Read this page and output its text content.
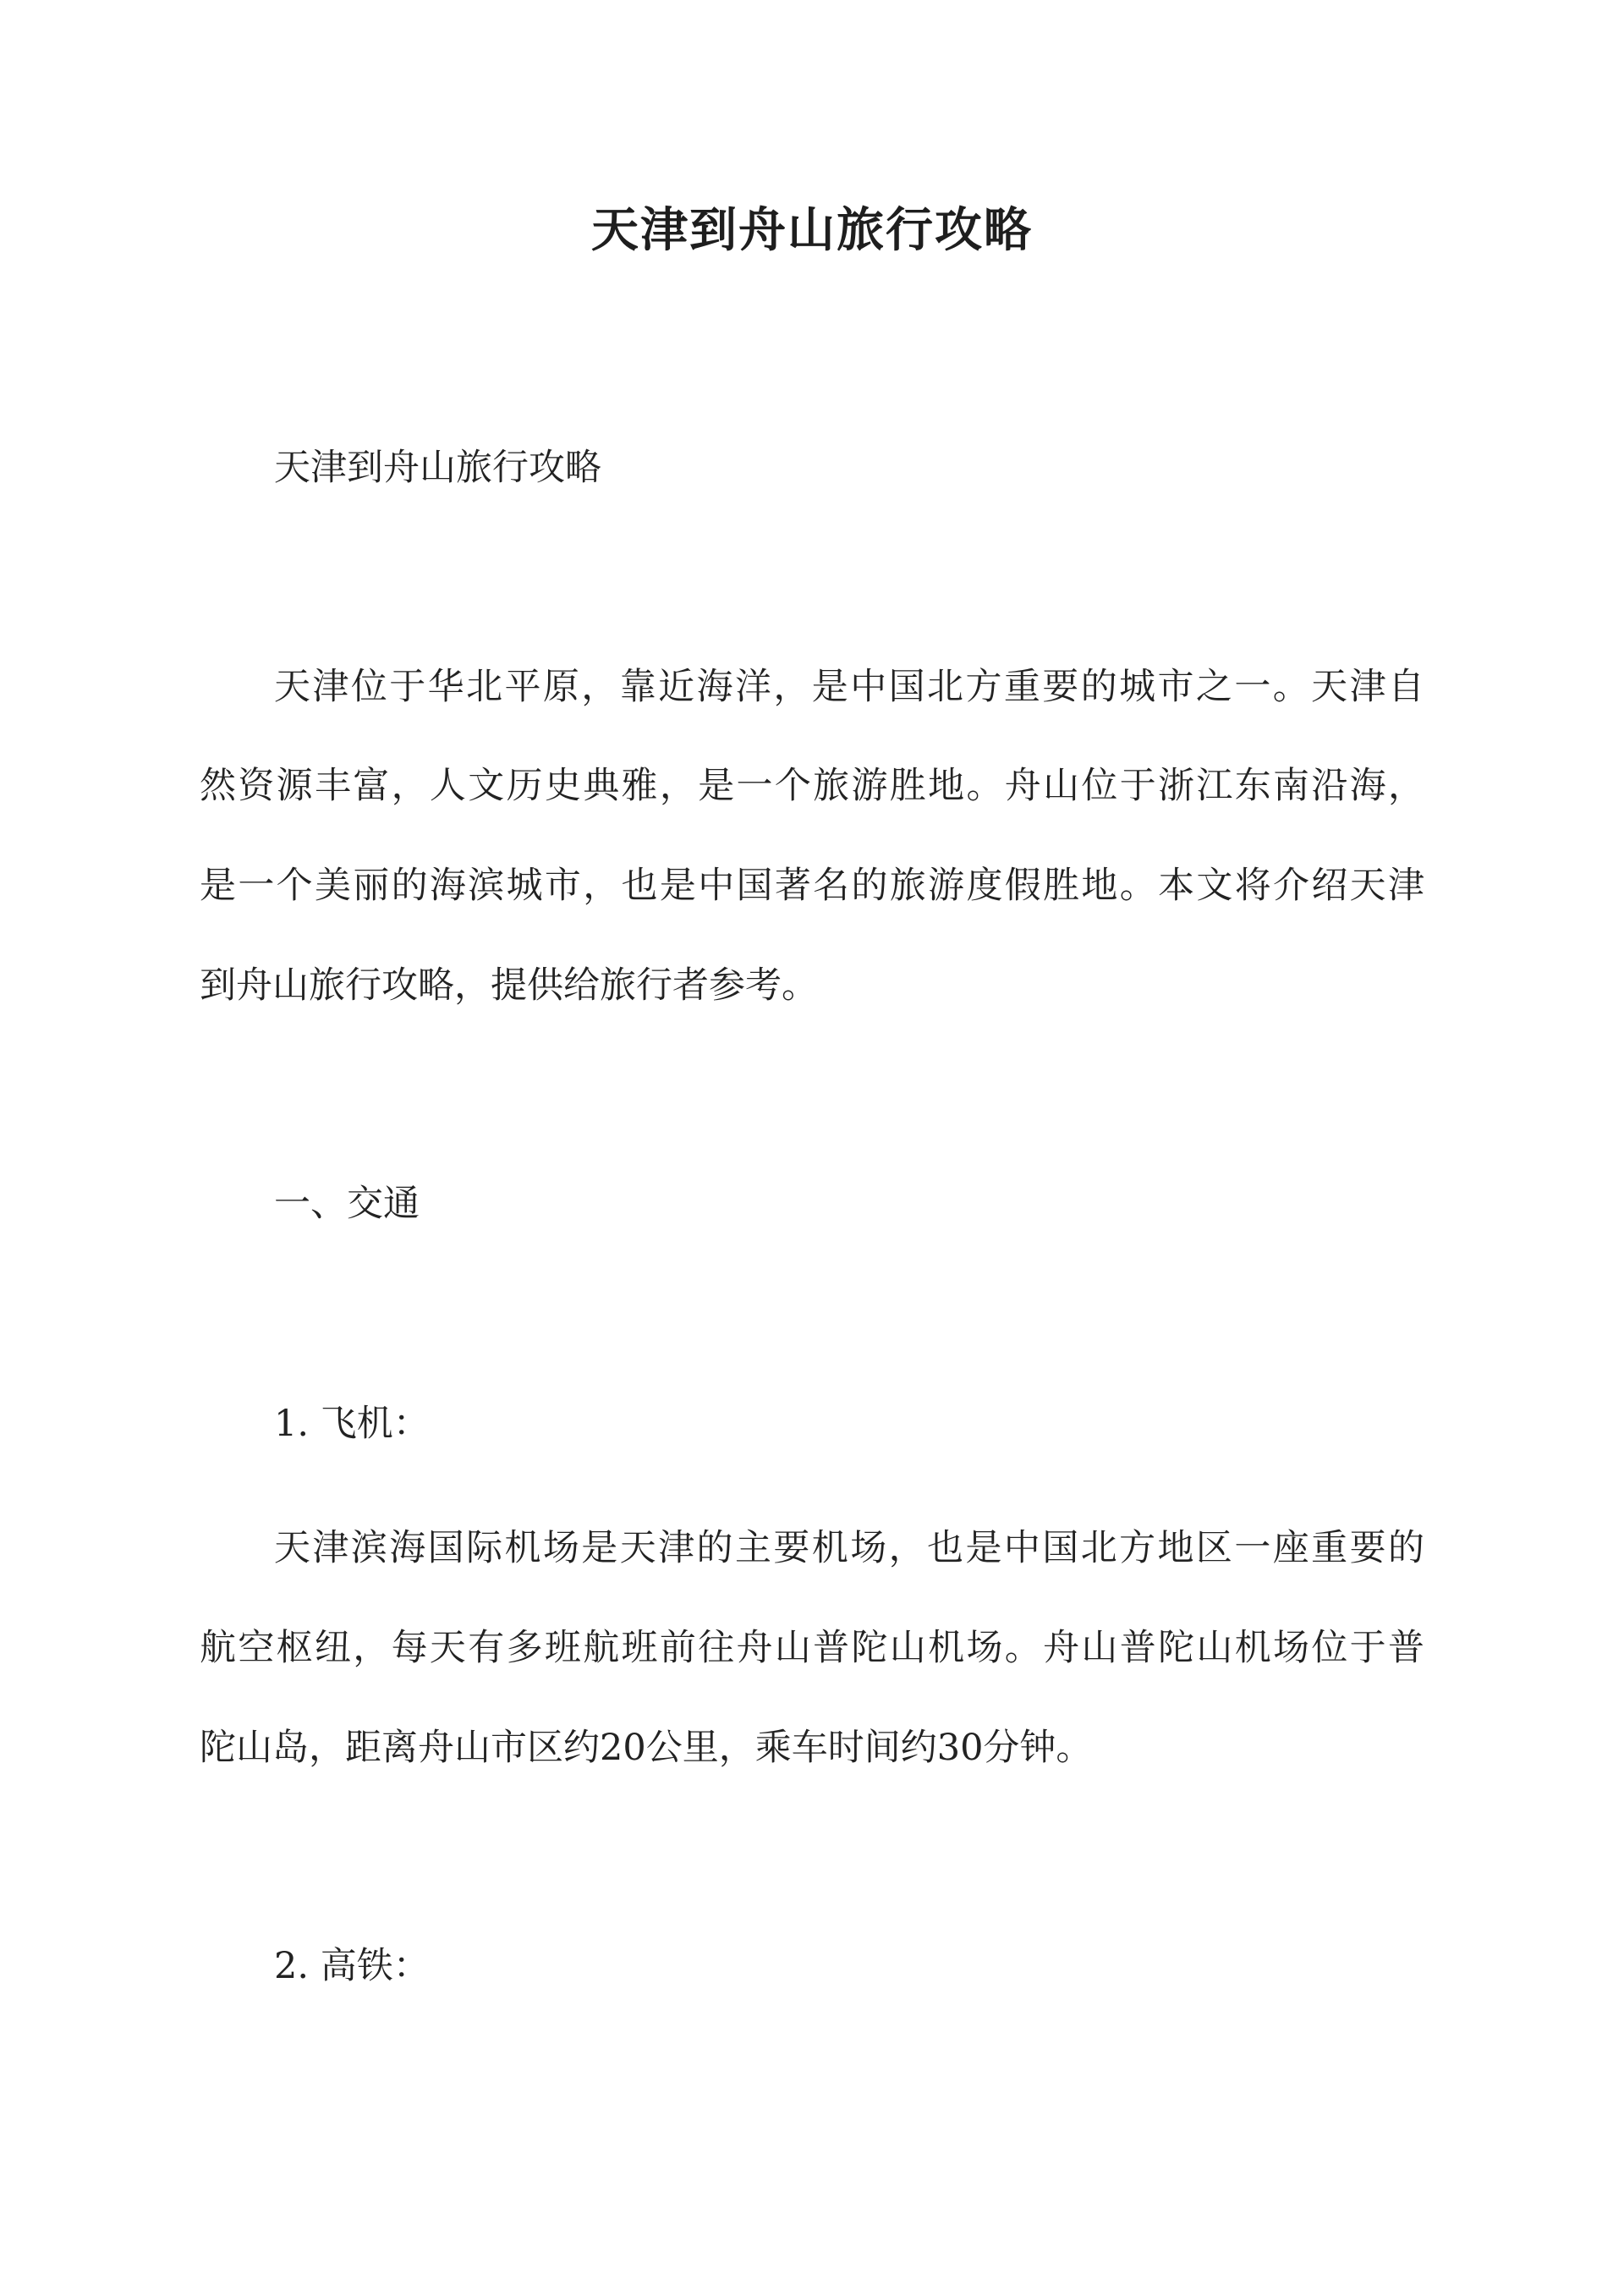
天津到舟山旅行攻略
天津到舟山旅行攻略
天津位于华北平原，靠近海洋，是中国北方重要的城市之一。天津自
然资源丰富，人文历史典雅，是一个旅游胜地。舟山位于浙江东南沿海，
是一个美丽的海滨城市，也是中国著名的旅游度假胜地。本文将介绍天津
到舟山旅行攻略，提供给旅行者参考。
一、交通
1. 飞机：
天津滨海国际机场是天津的主要机场，也是中国北方地区一座重要的
航空枢纽，每天有多班航班前往舟山普陀山机场。舟山普陀山机场位于普
陀山岛，距离舟山市区约20公里，乘车时间约30分钟。
2. 高铁：
